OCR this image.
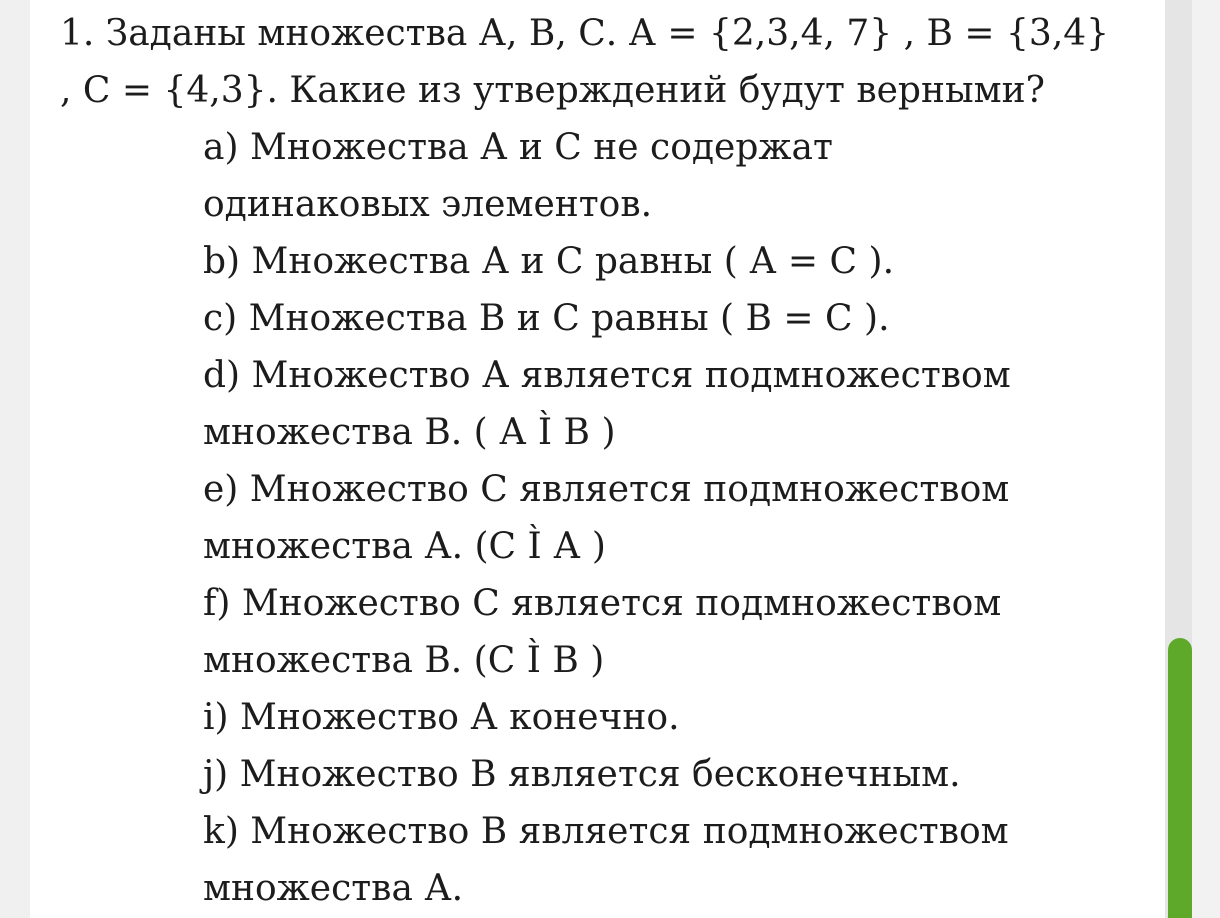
1. Заданы множества А, В, С. А = {2,3,4, 7} , В = {3,4}
, С = {4,3}. Какие из утверждений будут верными?
a) Множества А и С не содержат
одинаковых элементов.
b) Множества А и С равны ( А = С ).
c) Множества В и С равны ( В = С ).
d) Множество А является подмножеством
множества В. ( А Ì В )
e) Множество С является подмножеством
множества А. (С Ì А )
f) Множество С является подмножеством
множества В. (С Ì В )
i) Множество А конечно.
j) Множество В является бесконечным.
k) Множество В является подмножеством
множества А.
